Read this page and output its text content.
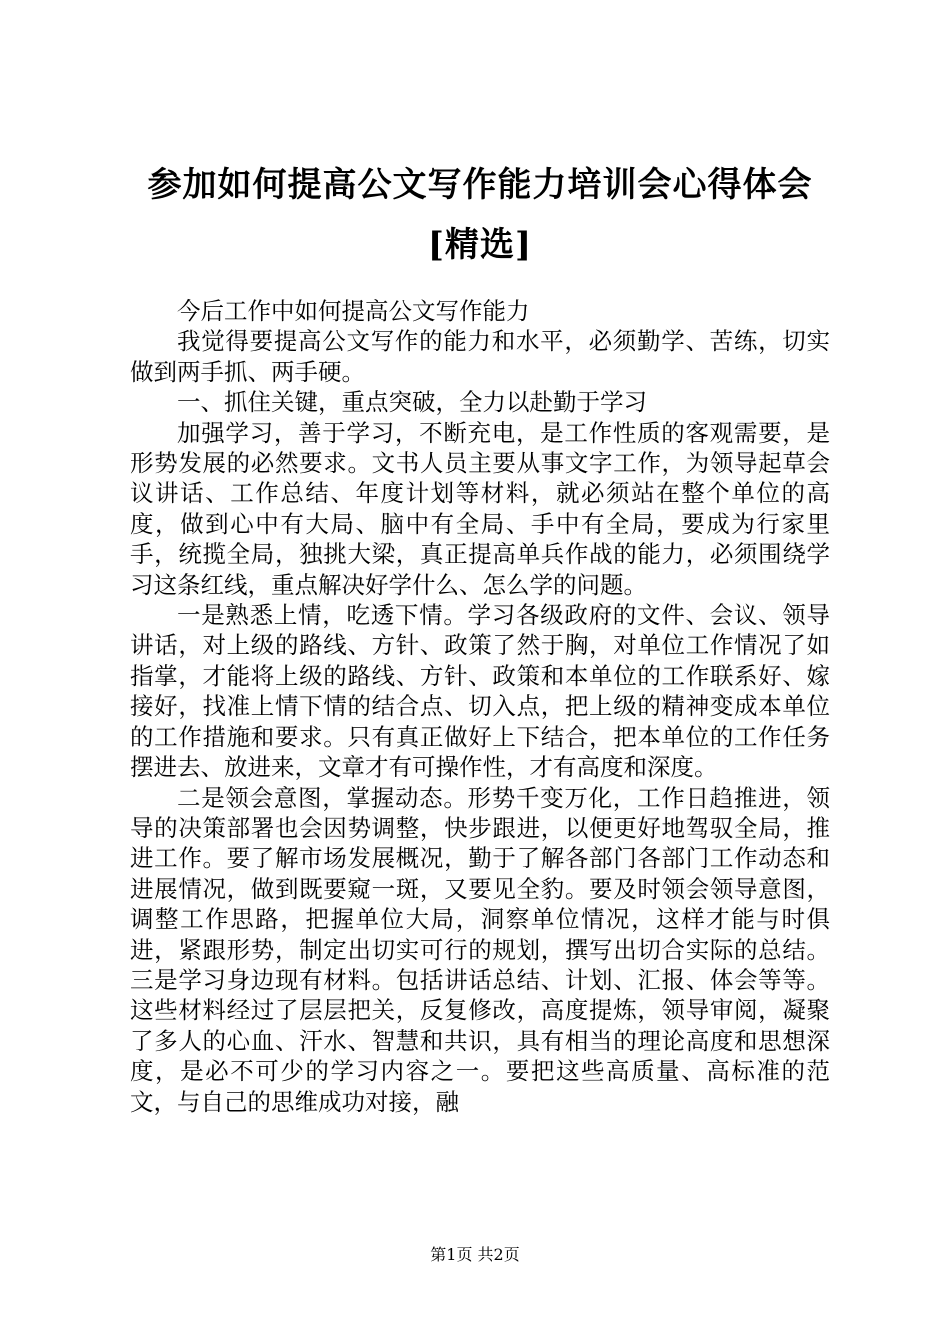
参加如何提高公文写作能力培训会心得体会[精选]

今后工作中如何提高公文写作能力

我觉得要提高公文写作的能力和水平，必须勤学、苦练，切实做到两手抓、两手硬。

一、抓住关键，重点突破，全力以赴勤于学习

加强学习，善于学习，不断充电，是工作性质的客观需要，是形势发展的必然要求。文书人员主要从事文字工作，为领导起草会议讲话、工作总结、年度计划等材料，就必须站在整个单位的高度，做到心中有大局、脑中有全局、手中有全局，要成为行家里手，统揽全局，独挑大梁，真正提高单兵作战的能力，必须围绕学习这条红线，重点解决好学什么、怎么学的问题。

一是熟悉上情，吃透下情。学习各级政府的文件、会议、领导讲话，对上级的路线、方针、政策了然于胸，对单位工作情况了如指掌，才能将上级的路线、方针、政策和本单位的工作联系好、嫁接好，找准上情下情的结合点、切入点，把上级的精神变成本单位的工作措施和要求。只有真正做好上下结合，把本单位的工作任务摆进去、放进来，文章才有可操作性，才有高度和深度。

二是领会意图，掌握动态。形势千变万化，工作日趋推进，领导的决策部署也会因势调整，快步跟进，以便更好地驾驭全局，推进工作。要了解市场发展概况，勤于了解各部门各部门工作动态和进展情况，做到既要窥一斑，又要见全豹。要及时领会领导意图，调整工作思路，把握单位大局，洞察单位情况，这样才能与时俱进，紧跟形势，制定出切实可行的规划，撰写出切合实际的总结。三是学习身边现有材料。包括讲话总结、计划、汇报、体会等等。这些材料经过了层层把关，反复修改，高度提炼，领导审阅，凝聚了多人的心血、汗水、智慧和共识，具有相当的理论高度和思想深度，是必不可少的学习内容之一。要把这些高质量、高标准的范文，与自己的思维成功对接，融

第1页 共2页
